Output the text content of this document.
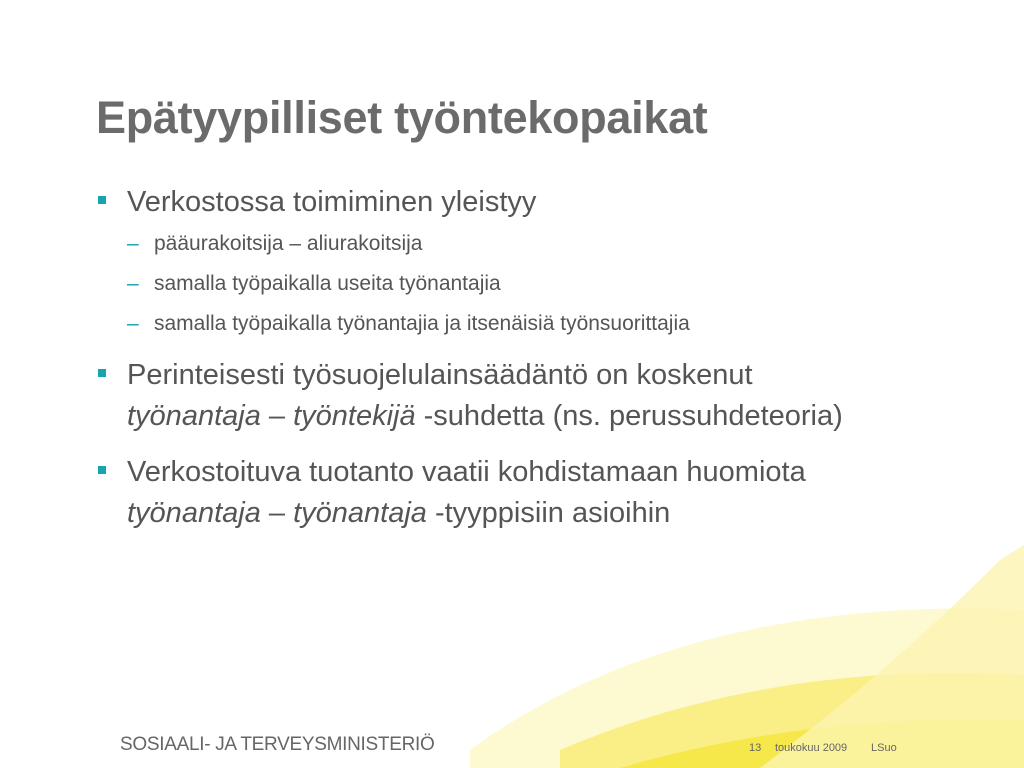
Epätyypilliset työntekopaikat

Verkostossa toimiminen yleistyy

– pääurakoitsija – aliurakoitsija

– samalla työpaikalla useita työnantajia

– samalla työpaikalla työnantajia ja itsenäisiä työnsuorittajia

Perinteisesti työsuojelulainsäädäntö on koskenut
työnantaja – työntekijä -suhdetta (ns. perussuhdeteoria)

Verkostoituva tuotanto vaatii kohdistamaan huomiota
työnantaja – työnantaja -tyyppisiin asioihin

SOSIAALI- JA TERVEYSMINISTERIÖ	13 toukokuu 2009 LSuo
